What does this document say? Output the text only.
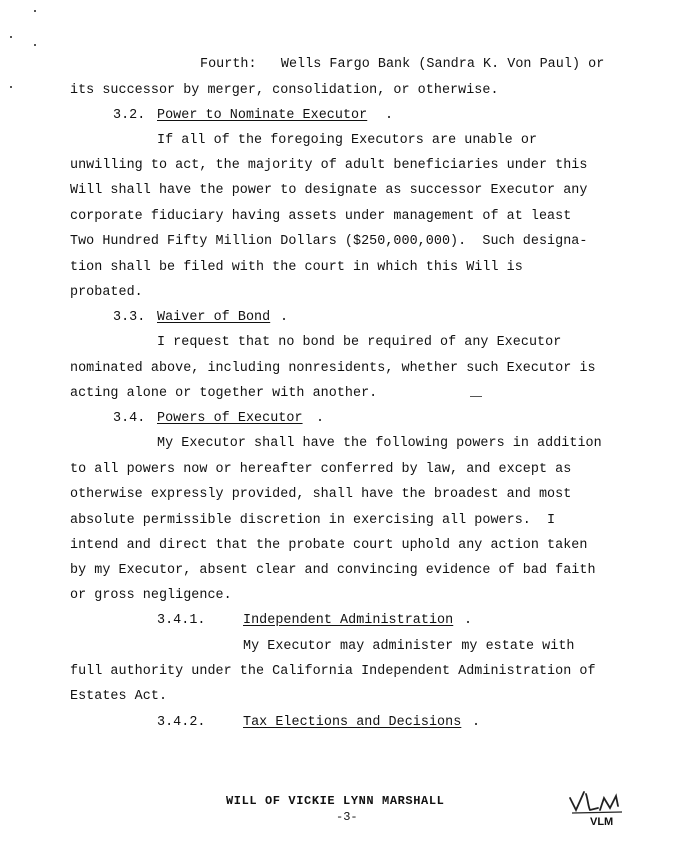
Fourth:   Wells Fargo Bank (Sandra K. Von Paul) or
its successor by merger, consolidation, or otherwise.
3.2. Power to Nominate Executor .
If all of the foregoing Executors are unable or
unwilling to act, the majority of adult beneficiaries under this
Will shall have the power to designate as successor Executor any
corporate fiduciary having assets under management of at least
Two Hundred Fifty Million Dollars ($250,000,000).  Such designa-
tion shall be filed with the court in which this Will is
probated.
3.3. Waiver of Bond .
I request that no bond be required of any Executor
nominated above, including nonresidents, whether such Executor is
acting alone or together with another.
3.4. Powers of Executor .
My Executor shall have the following powers in addition
to all powers now or hereafter conferred by law, and except as
otherwise expressly provided, shall have the broadest and most
absolute permissible discretion in exercising all powers.  I
intend and direct that the probate court uphold any action taken
by my Executor, absent clear and convincing evidence of bad faith
or gross negligence.
3.4.1.	Independent Administration .
My Executor may administer my estate with
full authority under the California Independent Administration of
Estates Act.
3.4.2.	Tax Elections and Decisions .
WILL OF VICKIE LYNN MARSHALL
-3-	VLM
